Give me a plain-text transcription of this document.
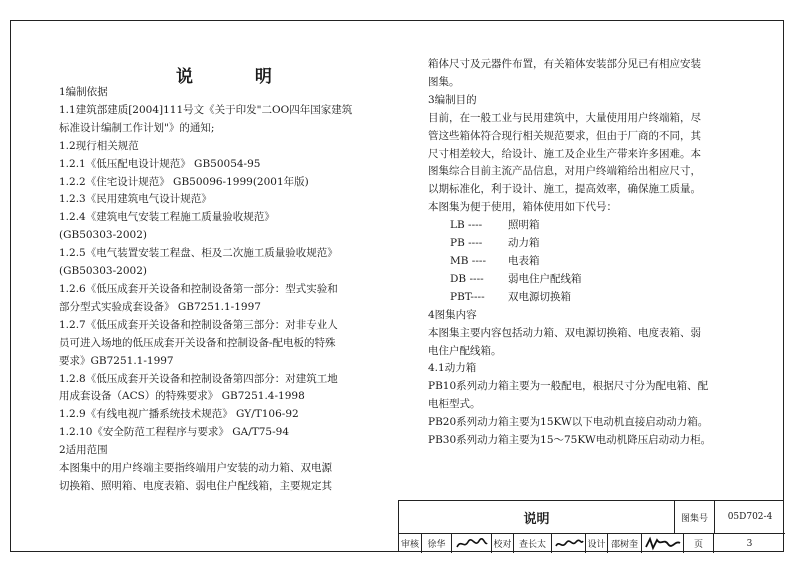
说 明

1编制依据

1.1建筑部建质[2004]111号文《关于印发"二OO四年国家建筑

标准设计编制工作计划"》的通知;

1.2现行相关规范

1.2.1《低压配电设计规范》 GB50054-95

1.2.2《住宅设计规范》 GB50096-1999(2001年版)

1.2.3《民用建筑电气设计规范》

1.2.4《建筑电气安装工程施工质量验收规范》

(GB50303-2002)

1.2.5《电气装置安装工程盘、柜及二次施工质量验收规范》

(GB50303-2002)

1.2.6《低压成套开关设备和控制设备第一部分：型式实验和

部分型式实验成套设备》 GB7251.1-1997

1.2.7《低压成套开关设备和控制设备第三部分：对非专业人

员可进入场地的低压成套开关设备和控制设备-配电板的特殊

要求》GB7251.1-1997

1.2.8《低压成套开关设备和控制设备第四部分：对建筑工地

用成套设备（ACS）的特殊要求》 GB7251.4-1998

1.2.9《有线电视广播系统技术规范》 GY/T106-92

1.2.10《安全防范工程程序与要求》 GA/T75-94

2适用范围

本图集中的用户终端主要指终端用户安装的动力箱、双电源

切换箱、照明箱、电度表箱、弱电住户配线箱，主要规定其

箱体尺寸及元器件布置，有关箱体安装部分见已有相应安装

图集。

3编制目的

目前，在一般工业与民用建筑中，大量使用用户终端箱，尽

管这些箱体符合现行相关规范要求，但由于厂商的不同，其

尺寸相差较大，给设计、施工及企业生产带来许多困难。本

图集综合目前主流产品信息，对用户终端箱给出相应尺寸，

以期标准化，利于设计、施工，提高效率，确保施工质量。

本图集为便于使用，箱体使用如下代号：

LB ----	照明箱
PB ----	动力箱
MB ----	电表箱
DB ----	弱电住户配线箱
PBT----	双电源切换箱

4图集内容

本图集主要内容包括动力箱、双电源切换箱、电度表箱、弱

电住户配线箱。

4.1动力箱

PB10系列动力箱主要为一般配电，根据尺寸分为配电箱、配

电柜型式。

PB20系列动力箱主要为15KW以下电动机直接启动动力箱。

PB30系列动力箱主要为15～75KW电动机降压启动动力柜。

说明	图集号	05D702-4
审核 徐华	校对 查长太	设计 邵树奎	页	3
